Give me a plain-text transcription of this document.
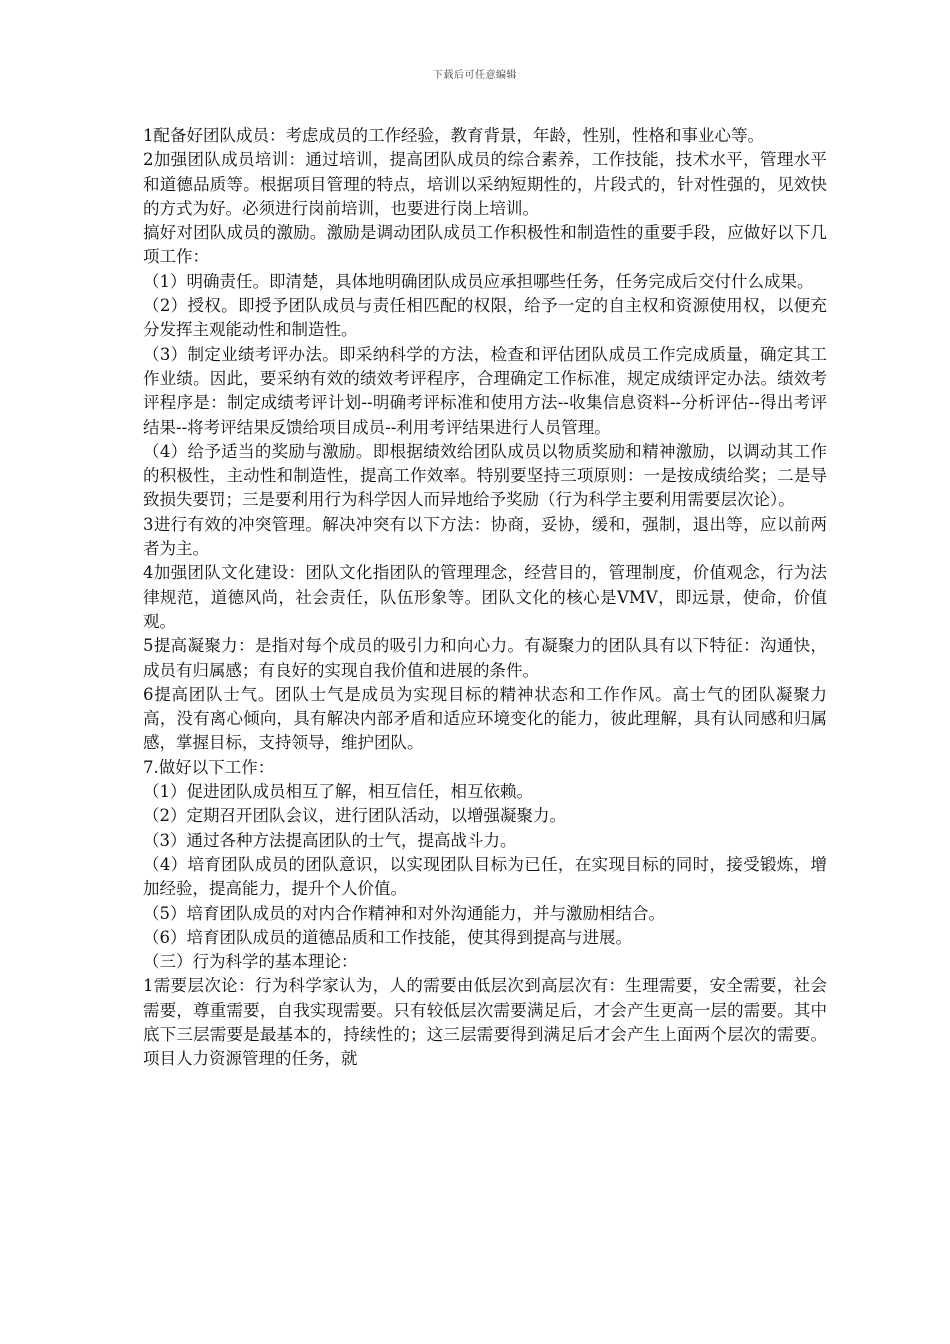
下载后可任意编辑

1配备好团队成员：考虑成员的工作经验，教育背景，年龄，性别，性格和事业心等。

2加强团队成员培训：通过培训，提高团队成员的综合素养，工作技能，技术水平，管理水平和道德品质等。根据项目管理的特点，培训以采纳短期性的，片段式的，针对性强的，见效快的方式为好。必须进行岗前培训，也要进行岗上培训。

搞好对团队成员的激励。激励是调动团队成员工作积极性和制造性的重要手段，应做好以下几项工作：

（1）明确责任。即清楚，具体地明确团队成员应承担哪些任务，任务完成后交付什么成果。

（2）授权。即授予团队成员与责任相匹配的权限，给予一定的自主权和资源使用权，以便充分发挥主观能动性和制造性。

（3）制定业绩考评办法。即采纳科学的方法，检查和评估团队成员工作完成质量，确定其工作业绩。因此，要采纳有效的绩效考评程序，合理确定工作标准，规定成绩评定办法。绩效考评程序是：制定成绩考评计划--明确考评标准和使用方法--收集信息资料--分析评估--得出考评结果--将考评结果反馈给项目成员--利用考评结果进行人员管理。

（4）给予适当的奖励与激励。即根据绩效给团队成员以物质奖励和精神激励，以调动其工作的积极性，主动性和制造性，提高工作效率。特别要坚持三项原则：一是按成绩给奖；二是导致损失要罚；三是要利用行为科学因人而异地给予奖励（行为科学主要利用需要层次论）。

3进行有效的冲突管理。解决冲突有以下方法：协商，妥协，缓和，强制，退出等，应以前两者为主。

4加强团队文化建设：团队文化指团队的管理理念，经营目的，管理制度，价值观念，行为法律规范，道德风尚，社会责任，队伍形象等。团队文化的核心是VMV，即远景，使命，价值观。

5提高凝聚力：是指对每个成员的吸引力和向心力。有凝聚力的团队具有以下特征：沟通快，成员有归属感；有良好的实现自我价值和进展的条件。

6提高团队士气。团队士气是成员为实现目标的精神状态和工作作风。高士气的团队凝聚力高，没有离心倾向，具有解决内部矛盾和适应环境变化的能力，彼此理解，具有认同感和归属感，掌握目标，支持领导，维护团队。

7.做好以下工作：

（1）促进团队成员相互了解，相互信任，相互依赖。

（2）定期召开团队会议，进行团队活动，以增强凝聚力。

（3）通过各种方法提高团队的士气，提高战斗力。

（4）培育团队成员的团队意识，以实现团队目标为已任，在实现目标的同时，接受锻炼，增加经验，提高能力，提升个人价值。

（5）培育团队成员的对内合作精神和对外沟通能力，并与激励相结合。

（6）培育团队成员的道德品质和工作技能，使其得到提高与进展。

（三）行为科学的基本理论：

1需要层次论：行为科学家认为，人的需要由低层次到高层次有：生理需要，安全需要，社会需要，尊重需要，自我实现需要。只有较低层次需要满足后，才会产生更高一层的需要。其中底下三层需要是最基本的，持续性的；这三层需要得到满足后才会产生上面两个层次的需要。项目人力资源管理的任务，就
